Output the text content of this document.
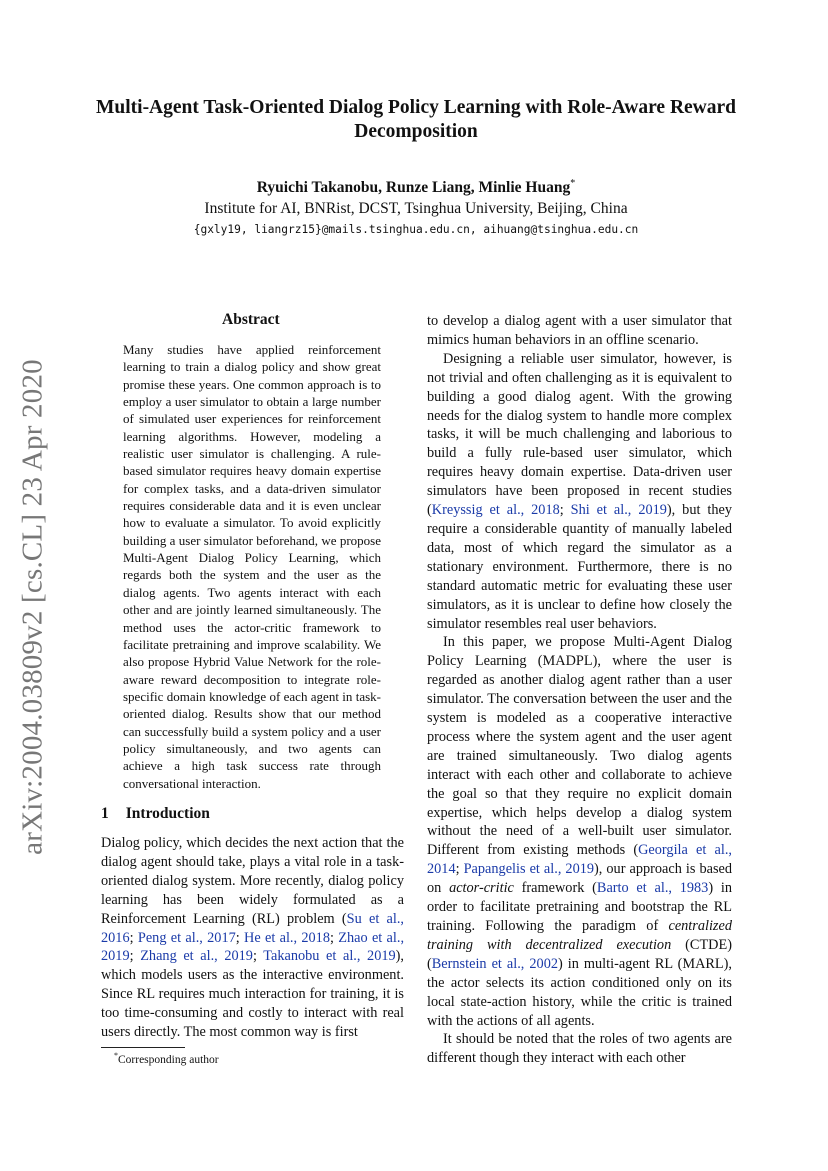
arXiv:2004.03809v2 [cs.CL] 23 Apr 2020
Multi-Agent Task-Oriented Dialog Policy Learning with Role-Aware Reward Decomposition
Ryuichi Takanobu, Runze Liang, Minlie Huang*
Institute for AI, BNRist, DCST, Tsinghua University, Beijing, China
{gxly19, liangrz15}@mails.tsinghua.edu.cn, aihuang@tsinghua.edu.cn
Abstract

Many studies have applied reinforcement learning to train a dialog policy and show great promise these years. One common approach is to employ a user simulator to obtain a large number of simulated user experiences for reinforcement learning algorithms. However, modeling a realistic user simulator is challenging. A rule-based simulator requires heavy domain expertise for complex tasks, and a data-driven simulator requires considerable data and it is even unclear how to evaluate a simulator. To avoid explicitly building a user simulator beforehand, we propose Multi-Agent Dialog Policy Learning, which regards both the system and the user as the dialog agents. Two agents interact with each other and are jointly learned simultaneously. The method uses the actor-critic framework to facilitate pretraining and improve scalability. We also propose Hybrid Value Network for the role-aware reward decomposition to integrate role-specific domain knowledge of each agent in task-oriented dialog. Results show that our method can successfully build a system policy and a user policy simultaneously, and two agents can achieve a high task success rate through conversational interaction.

1 Introduction

Dialog policy, which decides the next action that the dialog agent should take, plays a vital role in a task-oriented dialog system. More recently, dialog policy learning has been widely formulated as a Reinforcement Learning (RL) problem (Su et al., 2016; Peng et al., 2017; He et al., 2018; Zhao et al., 2019; Zhang et al., 2019; Takanobu et al., 2019), which models users as the interactive environment. Since RL requires much interaction for training, it is too time-consuming and costly to interact with real users directly. The most common way is first

to develop a dialog agent with a user simulator that mimics human behaviors in an offline scenario.

Designing a reliable user simulator, however, is not trivial and often challenging as it is equivalent to building a good dialog agent. With the growing needs for the dialog system to handle more complex tasks, it will be much challenging and laborious to build a fully rule-based user simulator, which requires heavy domain expertise. Data-driven user simulators have been proposed in recent studies (Kreyssig et al., 2018; Shi et al., 2019), but they require a considerable quantity of manually labeled data, most of which regard the simulator as a stationary environment. Furthermore, there is no standard automatic metric for evaluating these user simulators, as it is unclear to define how closely the simulator resembles real user behaviors.

In this paper, we propose Multi-Agent Dialog Policy Learning (MADPL), where the user is regarded as another dialog agent rather than a user simulator. The conversation between the user and the system is modeled as a cooperative interactive process where the system agent and the user agent are trained simultaneously. Two dialog agents interact with each other and collaborate to achieve the goal so that they require no explicit domain expertise, which helps develop a dialog system without the need of a well-built user simulator. Different from existing methods (Georgila et al., 2014; Papangelis et al., 2019), our approach is based on actor-critic framework (Barto et al., 1983) in order to facilitate pretraining and bootstrap the RL training. Following the paradigm of centralized training with decentralized execution (CTDE) (Bernstein et al., 2002) in multi-agent RL (MARL), the actor selects its action conditioned only on its local state-action history, while the critic is trained with the actions of all agents.

It should be noted that the roles of two agents are different though they interact with each other

*Corresponding author
